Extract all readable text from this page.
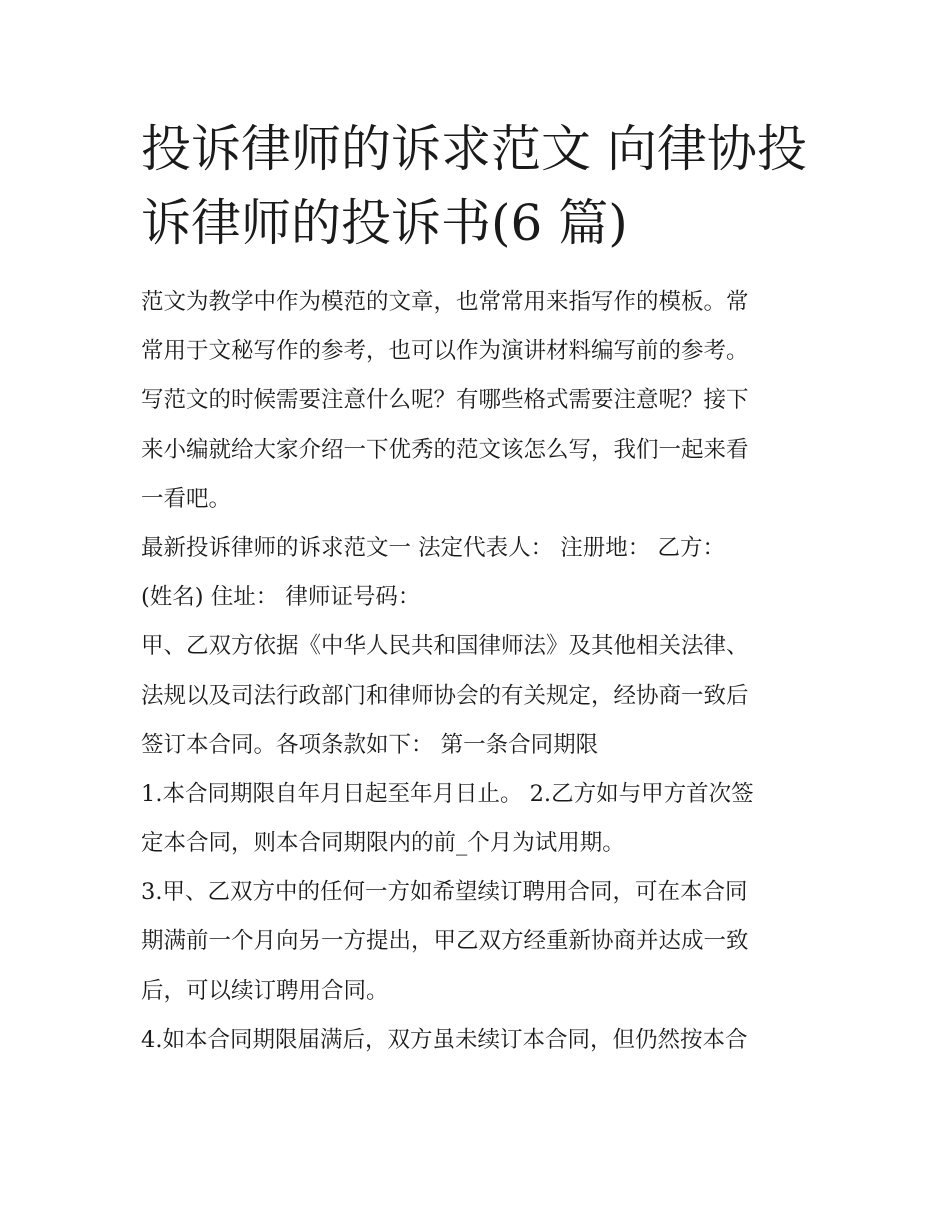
投诉律师的诉求范文 向律协投
诉律师的投诉书(6 篇)
范文为教学中作为模范的文章，也常常用来指写作的模板。常
常用于文秘写作的参考，也可以作为演讲材料编写前的参考。
写范文的时候需要注意什么呢？有哪些格式需要注意呢？接下
来小编就给大家介绍一下优秀的范文该怎么写，我们一起来看
一看吧。
最新投诉律师的诉求范文一 法定代表人： 注册地： 乙方：
(姓名) 住址： 律师证号码：
甲、乙双方依据《中华人民共和国律师法》及其他相关法律、
法规以及司法行政部门和律师协会的有关规定，经协商一致后
签订本合同。各项条款如下： 第一条合同期限
1.本合同期限自年月日起至年月日止。 2.乙方如与甲方首次签
定本合同，则本合同期限内的前_个月为试用期。
3.甲、乙双方中的任何一方如希望续订聘用合同，可在本合同
期满前一个月向另一方提出，甲乙双方经重新协商并达成一致
后，可以续订聘用合同。
4.如本合同期限届满后，双方虽未续订本合同，但仍然按本合
